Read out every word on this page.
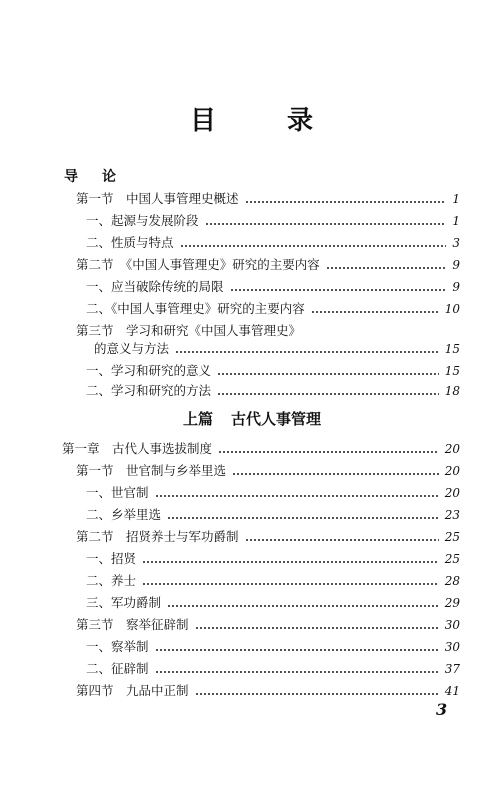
目	录
导 论
第一节　中国人事管理史概述	1
一、起源与发展阶段	1
二、性质与特点	3
第二节　《中国人事管理史》研究的主要内容	9
一、应当破除传统的局限	9
二、《中国人事管理史》研究的主要内容	10
第三节　学习和研究《中国人事管理史》
的意义与方法	15
一、学习和研究的意义	15
二、学习和研究的方法	18
上篇 古代人事管理
第一章　古代人事选拔制度	20
第一节　世官制与乡举里选	20
一、世官制	20
二、乡举里选	23
第二节　招贤养士与军功爵制	25
一、招贤	25
二、养士	28
三、军功爵制	29
第三节　察举征辟制	30
一、察举制	30
二、征辟制	37
第四节　九品中正制	41
3
